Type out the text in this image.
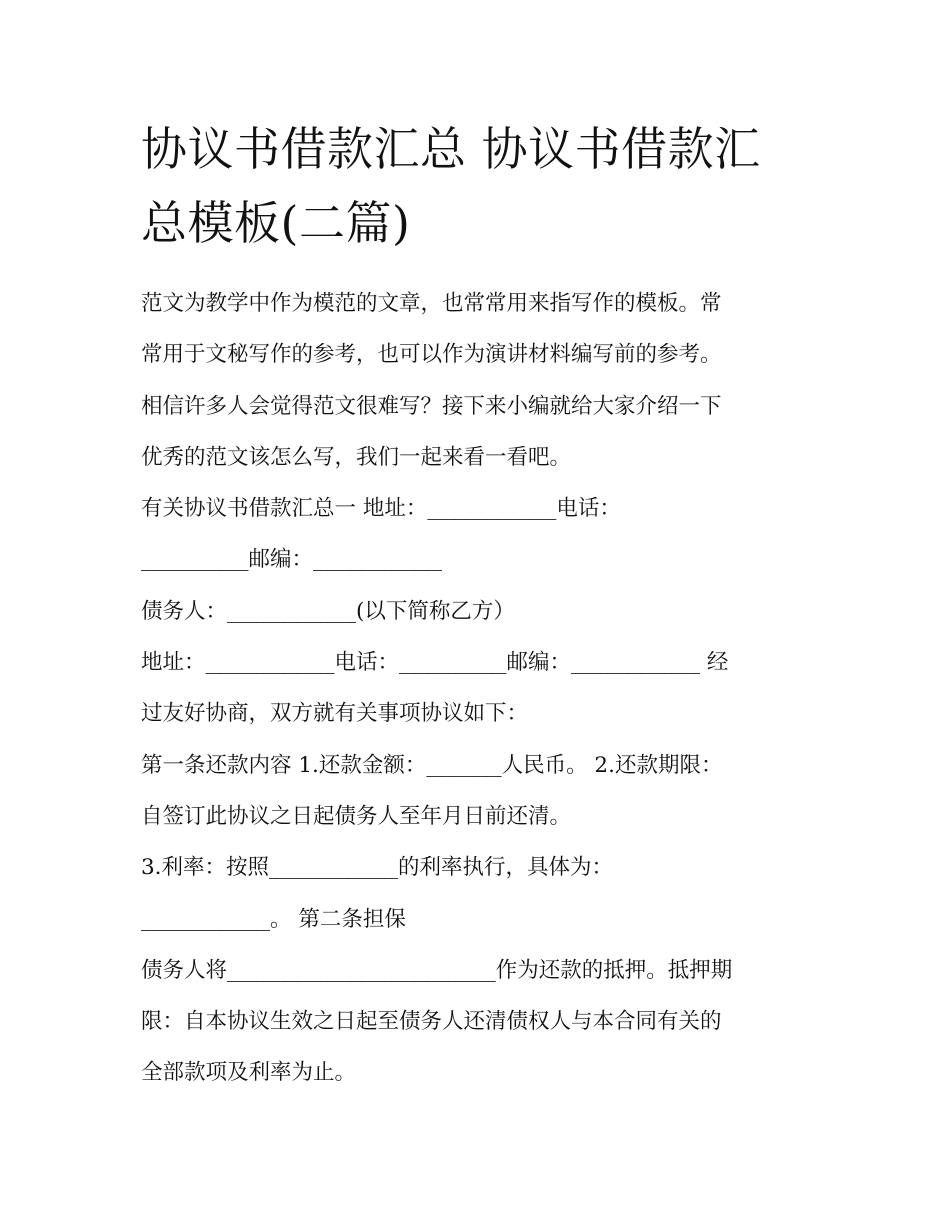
协议书借款汇总 协议书借款汇
总模板(二篇)

范文为教学中作为模范的文章，也常常用来指写作的模板。常

常用于文秘写作的参考，也可以作为演讲材料编写前的参考。

相信许多人会觉得范文很难写？接下来小编就给大家介绍一下

优秀的范文该怎么写，我们一起来看一看吧。

有关协议书借款汇总一 地址：____________电话：

__________邮编：____________

债务人：____________(以下简称乙方）

地址：____________电话：__________邮编：____________ 经

过友好协商，双方就有关事项协议如下：

第一条还款内容 1.还款金额：_______人民币。 2.还款期限：

自签订此协议之日起债务人至年月日前还清。

3.利率：按照____________的利率执行，具体为：

____________。 第二条担保

债务人将_________________________作为还款的抵押。抵押期

限：自本协议生效之日起至债务人还清债权人与本合同有关的

全部款项及利率为止。
